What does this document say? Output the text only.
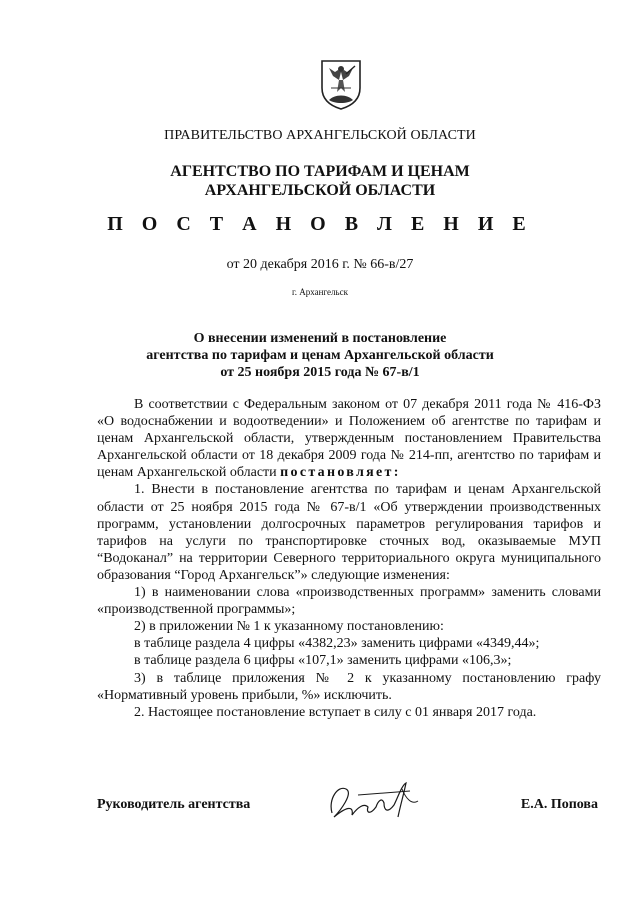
ПРАВИТЕЛЬСТВО АРХАНГЕЛЬСКОЙ ОБЛАСТИ
АГЕНТСТВО ПО ТАРИФАМ И ЦЕНАМ
АРХАНГЕЛЬСКОЙ ОБЛАСТИ
П О С Т А Н О В Л Е Н И Е
от 20 декабря 2016 г. № 66-в/27
г. Архангельск
О внесении изменений в постановление
агентства по тарифам и ценам Архангельской области
от 25 ноября 2015 года № 67-в/1

В соответствии с Федеральным законом от 07 декабря 2011 года № 416-ФЗ «О водоснабжении и водоотведении» и Положением об агентстве по тарифам и ценам Архангельской области, утвержденным постановлением Правительства Архангельской области от 18 декабря 2009 года № 214-пп, агентство по тарифам и ценам Архангельской области постановляет:

1. Внести в постановление агентства по тарифам и ценам Архангельской области от 25 ноября 2015 года № 67-в/1 «Об утверждении производственных программ, установлении долгосрочных параметров регулирования тарифов и тарифов на услуги по транспортировке сточных вод, оказываемые МУП “Водоканал” на территории Северного территориального округа муниципального образования “Город Архангельск”» следующие изменения:

1) в наименовании слова «производственных программ» заменить словами «производственной программы»;

2) в приложении № 1 к указанному постановлению:

в таблице раздела 4 цифры «4382,23» заменить цифрами «4349,44»;

в таблице раздела 6 цифры «107,1» заменить цифрами «106,3»;

3) в таблице приложения № 2 к указанному постановлению графу «Нормативный уровень прибыли, %» исключить.

2. Настоящее постановление вступает в силу с 01 января 2017 года.

Руководитель агентства	Е.А. Попова
